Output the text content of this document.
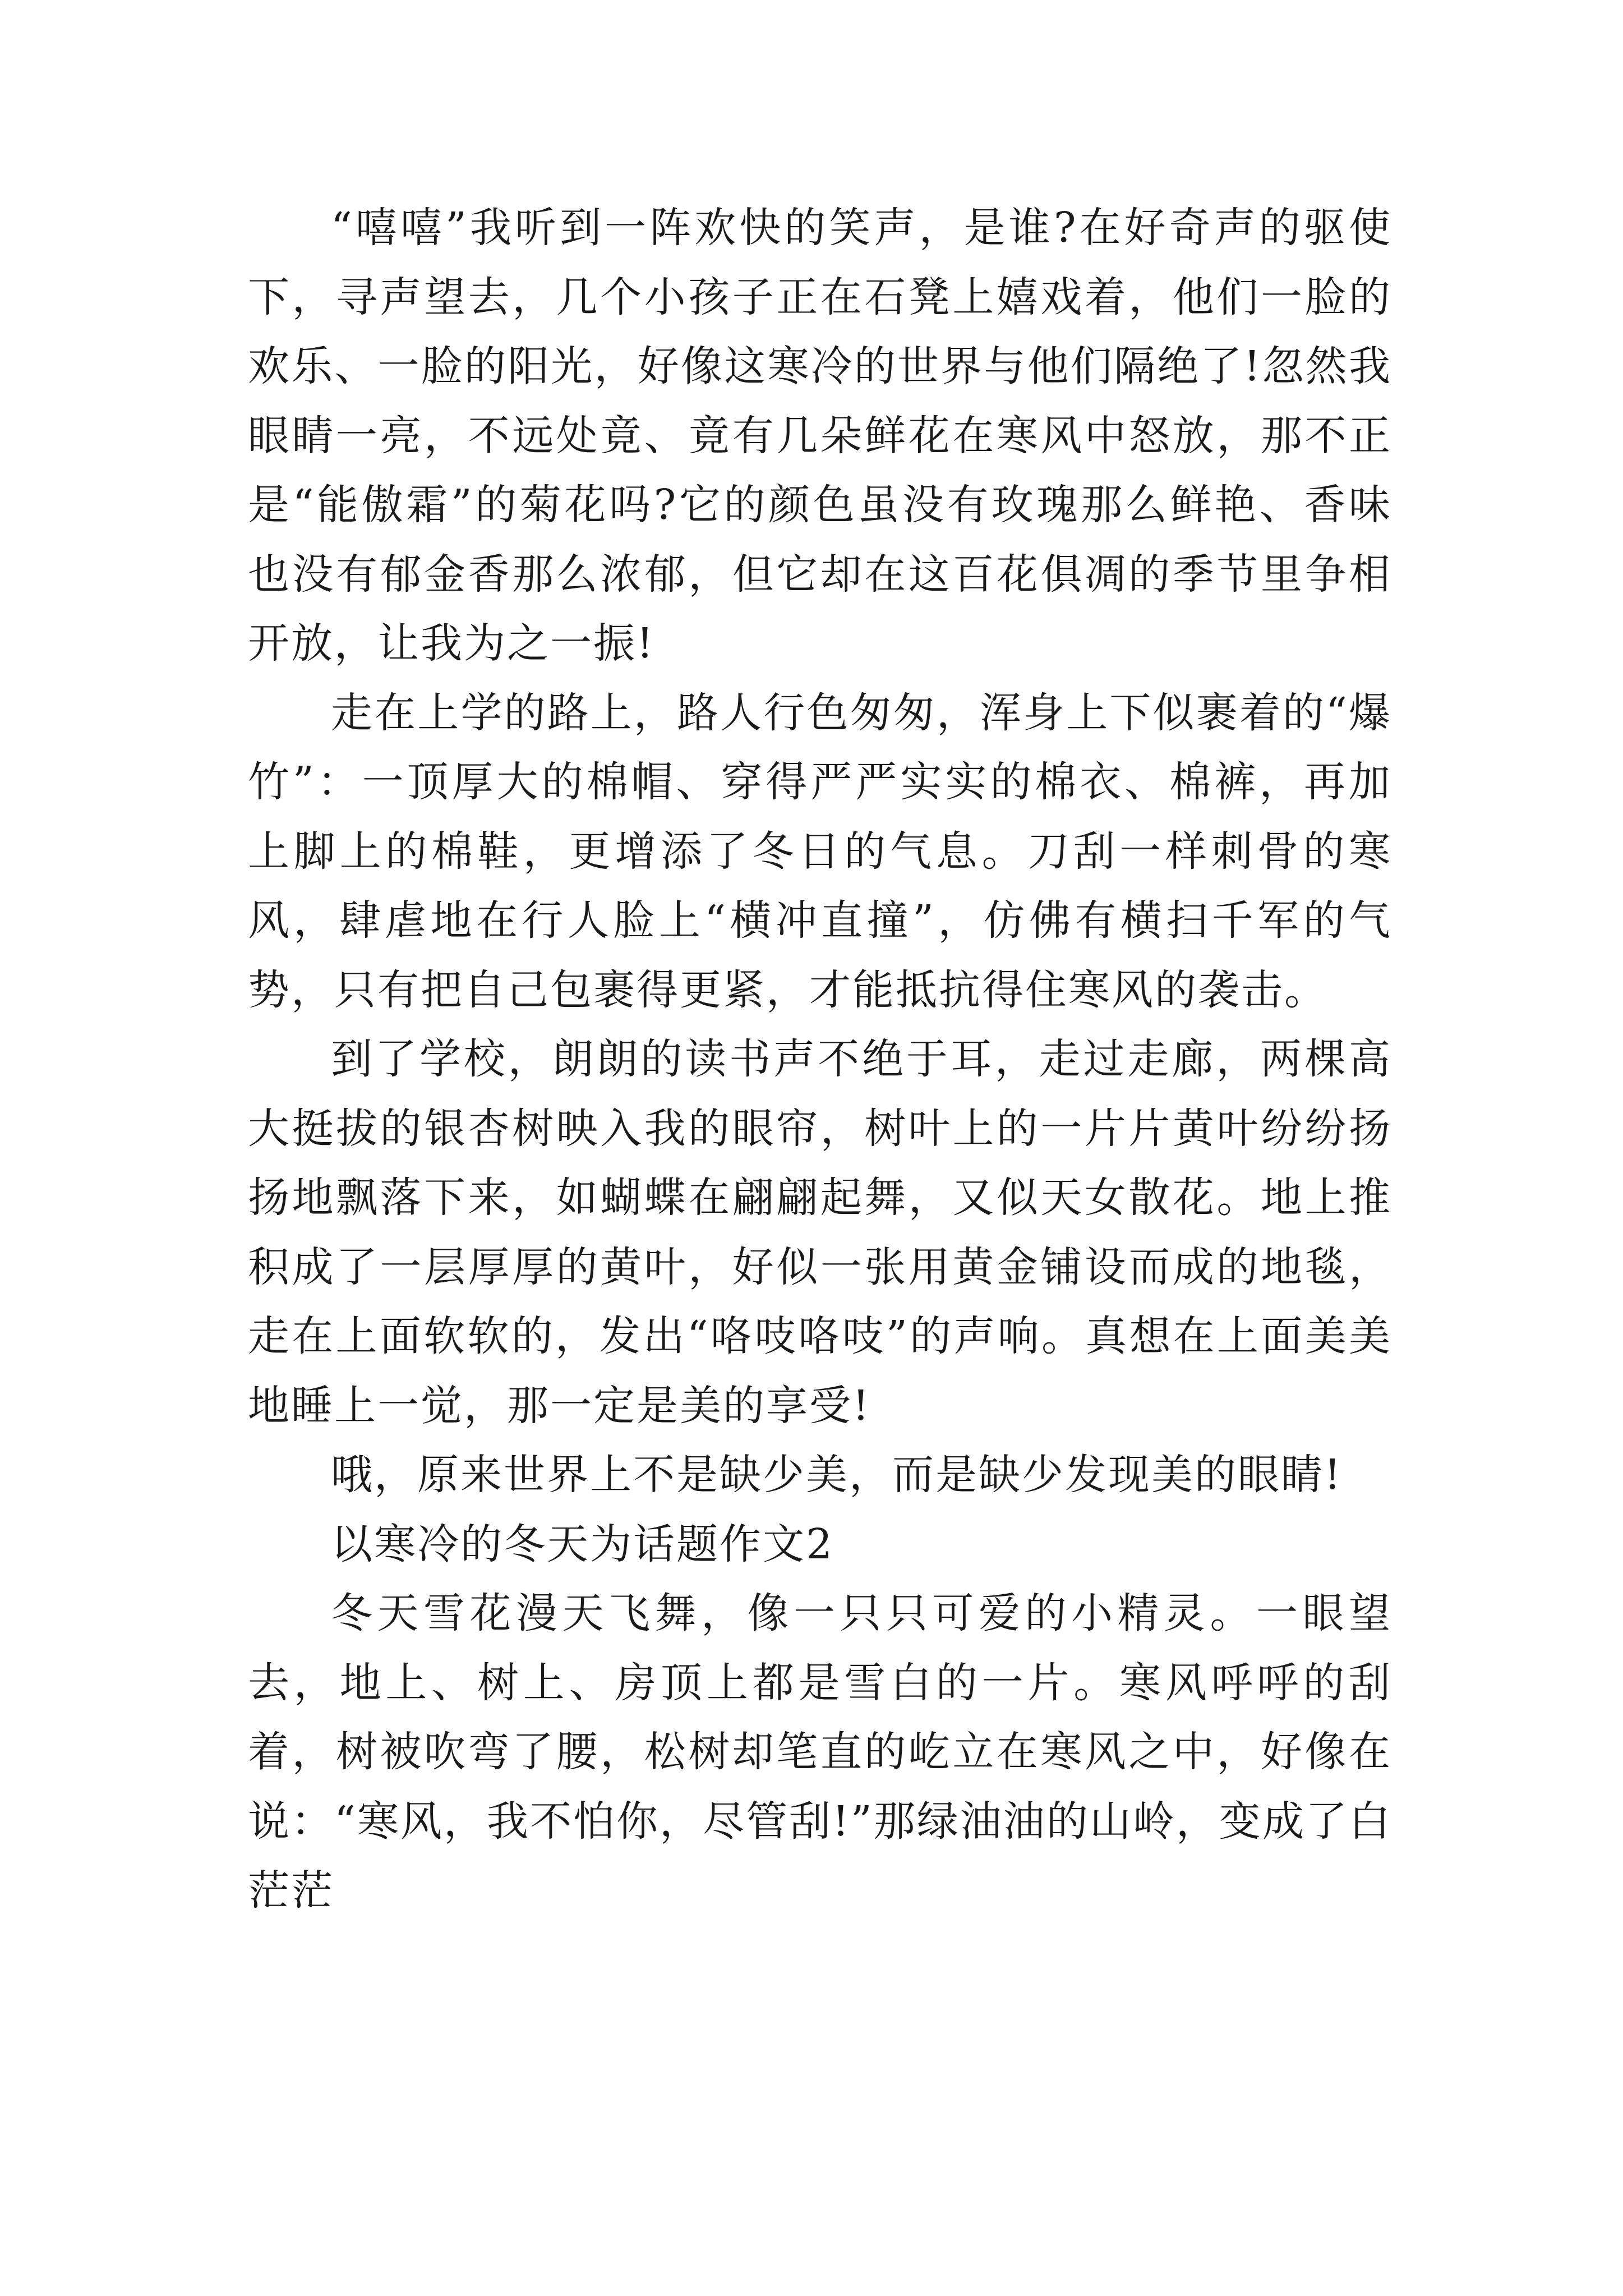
“嘻嘻”我听到一阵欢快的笑声，是谁?在好奇声的驱使下，寻声望去，几个小孩子正在石凳上嬉戏着，他们一脸的欢乐、一脸的阳光，好像这寒冷的世界与他们隔绝了!忽然我眼睛一亮，不远处竟、竟有几朵鲜花在寒风中怒放，那不正是“能傲霜”的菊花吗?它的颜色虽没有玫瑰那么鲜艳、香味也没有郁金香那么浓郁，但它却在这百花俱凋的季节里争相开放，让我为之一振!

走在上学的路上，路人行色匆匆，浑身上下似裹着的“爆竹”：一顶厚大的棉帽、穿得严严实实的棉衣、棉裤，再加上脚上的棉鞋，更增添了冬日的气息。刀刮一样刺骨的寒风，肆虐地在行人脸上“横冲直撞”，仿佛有横扫千军的气势，只有把自己包裹得更紧，才能抵抗得住寒风的袭击。

到了学校，朗朗的读书声不绝于耳，走过走廊，两棵高大挺拔的银杏树映入我的眼帘，树叶上的一片片黄叶纷纷扬扬地飘落下来，如蝴蝶在翩翩起舞，又似天女散花。地上推积成了一层厚厚的黄叶，好似一张用黄金铺设而成的地毯，走在上面软软的，发出“咯吱咯吱”的声响。真想在上面美美地睡上一觉，那一定是美的享受!

哦，原来世界上不是缺少美，而是缺少发现美的眼睛!

以寒冷的冬天为话题作文2

冬天雪花漫天飞舞，像一只只可爱的小精灵。一眼望去，地上、树上、房顶上都是雪白的一片。寒风呼呼的刮着，树被吹弯了腰，松树却笔直的屹立在寒风之中，好像在说：“寒风，我不怕你，尽管刮!”那绿油油的山岭，变成了白茫茫
